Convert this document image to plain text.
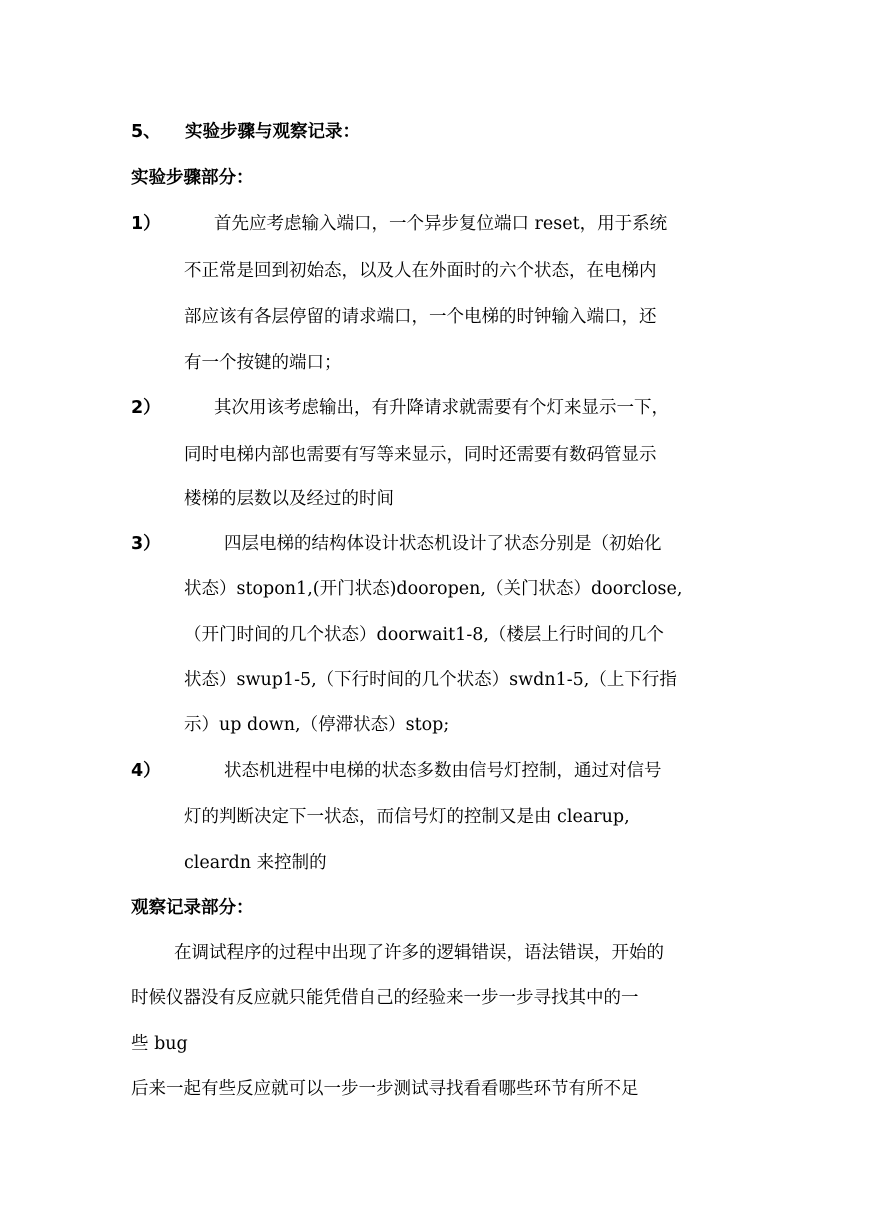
5、 实验步骤与观察记录：
实验步骤部分：
1）	首先应考虑输入端口，一个异步复位端口 reset，用于系统
不正常是回到初始态，以及人在外面时的六个状态，在电梯内
部应该有各层停留的请求端口，一个电梯的时钟输入端口，还
有一个按键的端口；
2）	其次用该考虑输出，有升降请求就需要有个灯来显示一下，
同时电梯内部也需要有写等来显示，同时还需要有数码管显示
楼梯的层数以及经过的时间
3）	四层电梯的结构体设计状态机设计了状态分别是（初始化
状态）stopon1,(开门状态)dooropen,（关门状态）doorclose,
（开门时间的几个状态）doorwait1-8,（楼层上行时间的几个
状态）swup1-5,（下行时间的几个状态）swdn1-5,（上下行指
示）up down,（停滞状态）stop;
4）	状态机进程中电梯的状态多数由信号灯控制，通过对信号
灯的判断决定下一状态，而信号灯的控制又是由 clearup,
cleardn 来控制的
观察记录部分：
在调试程序的过程中出现了许多的逻辑错误，语法错误，开始的
时候仪器没有反应就只能凭借自己的经验来一步一步寻找其中的一
些 bug
后来一起有些反应就可以一步一步测试寻找看看哪些环节有所不足
